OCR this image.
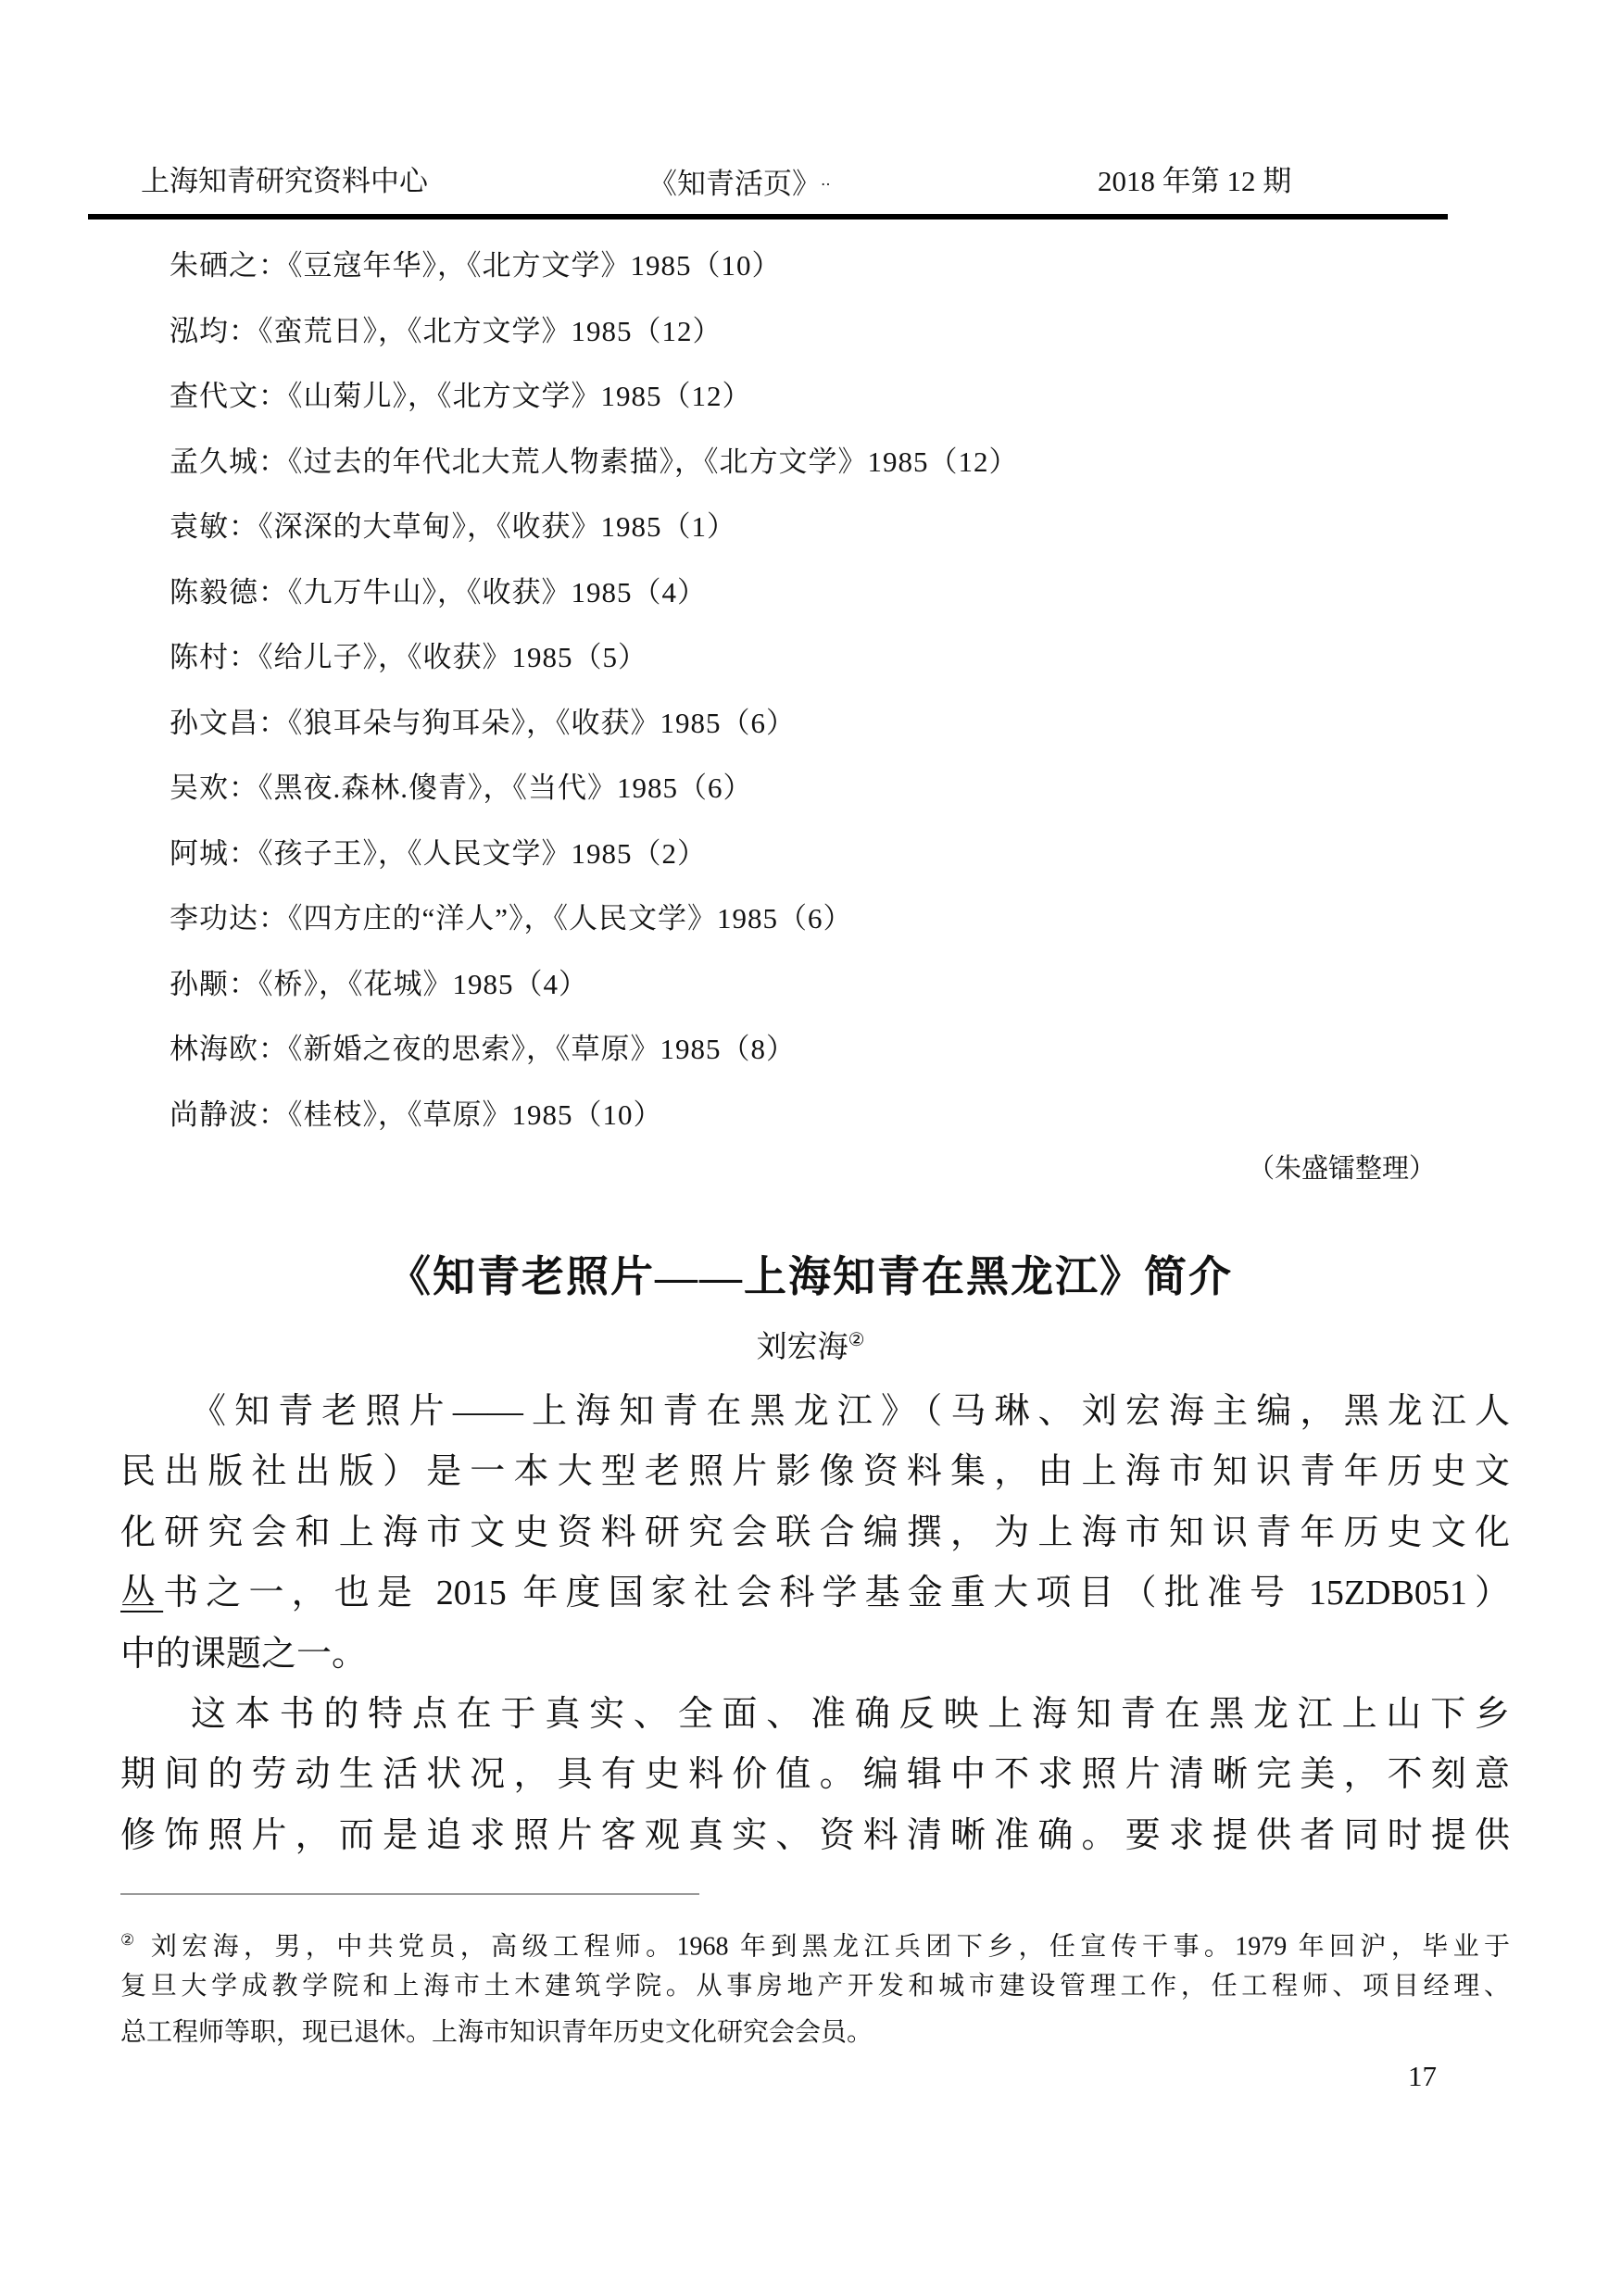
上海知青研究资料中心	《知青活页》‥	2018 年第 12 期
朱硒之：《豆寇年华》，《北方文学》1985（10）
泓均：《蛮荒日》，《北方文学》1985（12）
查代文：《山菊儿》，《北方文学》1985（12）
孟久城：《过去的年代北大荒人物素描》，《北方文学》1985（12）
袁敏：《深深的大草甸》，《收获》1985（1）
陈毅德：《九万牛山》，《收获》1985（4）
陈村：《给儿子》，《收获》1985（5）
孙文昌：《狼耳朵与狗耳朵》，《收获》1985（6）
吴欢：《黑夜.森林.傻青》，《当代》1985（6）
阿城：《孩子王》，《人民文学》1985（2）
李功达：《四方庄的“洋人”》，《人民文学》1985（6）
孙颙：《桥》，《花城》1985（4）
林海欧：《新婚之夜的思索》，《草原》1985（8）
尚静波：《桂枝》，《草原》1985（10）
（朱盛镭整理）
《知青老照片——上海知青在黑龙江》简介
刘宏海②
《知青老照片——上海知青在黑龙江》（马琳、刘宏海主编，黑龙江人
民出版社出版）是一本大型老照片影像资料集，由上海市知识青年历史文
化研究会和上海市文史资料研究会联合编撰，为上海市知识青年历史文化
丛书之一，也是 2015 年度国家社会科学基金重大项目（批准号 15ZDB051）
中的课题之一。
这本书的特点在于真实、全面、准确反映上海知青在黑龙江上山下乡
期间的劳动生活状况，具有史料价值。编辑中不求照片清晰完美，不刻意
修饰照片，而是追求照片客观真实、资料清晰准确。要求提供者同时提供
② 刘宏海，男，中共党员，高级工程师。1968 年到黑龙江兵团下乡，任宣传干事。1979 年回沪，毕业于
复旦大学成教学院和上海市土木建筑学院。从事房地产开发和城市建设管理工作，任工程师、项目经理、
总工程师等职，现已退休。上海市知识青年历史文化研究会会员。
17
